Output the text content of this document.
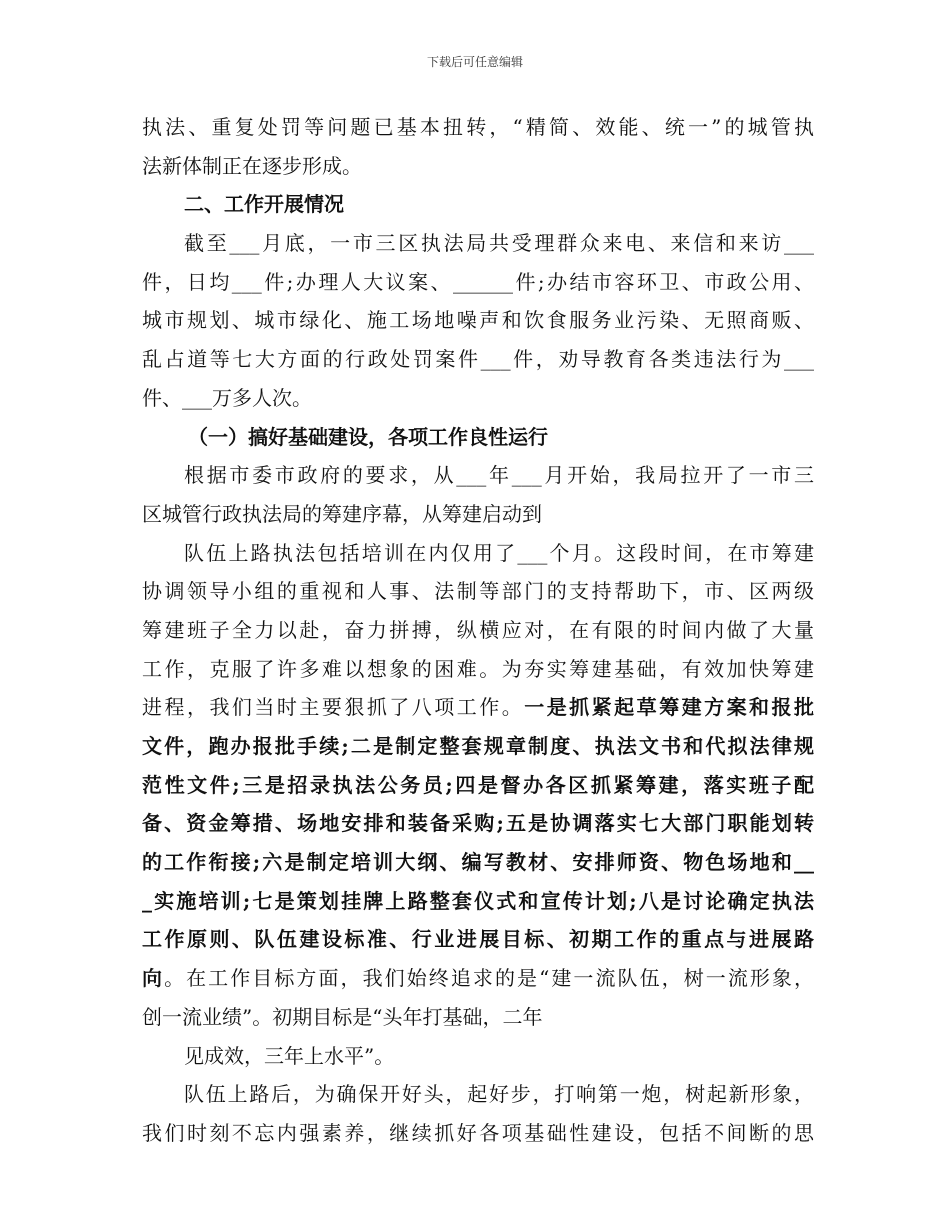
下载后可任意编辑
执法、重复处罚等问题已基本扭转，“精简、效能、统一”的城管执
法新体制正在逐步形成。
二、工作开展情况
截至___月底，一市三区执法局共受理群众来电、来信和来访___
件，日均___件;办理人大议案、______件;办结市容环卫、市政公用、
城市规划、城市绿化、施工场地噪声和饮食服务业污染、无照商贩、
乱占道等七大方面的行政处罚案件___件，劝导教育各类违法行为___
件、___万多人次。
（一）搞好基础建设，各项工作良性运行
根据市委市政府的要求，从___年___月开始，我局拉开了一市三
区城管行政执法局的筹建序幕，从筹建启动到
队伍上路执法包括培训在内仅用了___个月。这段时间，在市筹建
协调领导小组的重视和人事、法制等部门的支持帮助下，市、区两级
筹建班子全力以赴，奋力拼搏，纵横应对，在有限的时间内做了大量
工作，克服了许多难以想象的困难。为夯实筹建基础，有效加快筹建
进程，我们当时主要狠抓了八项工作。一是抓紧起草筹建方案和报批
文件，跑办报批手续;二是制定整套规章制度、执法文书和代拟法律规
范性文件;三是招录执法公务员;四是督办各区抓紧筹建，落实班子配
备、资金筹措、场地安排和装备采购;五是协调落实七大部门职能划转
的工作衔接;六是制定培训大纲、编写教材、安排师资、物色场地和__
_实施培训;七是策划挂牌上路整套仪式和宣传计划;八是讨论确定执法
工作原则、队伍建设标准、行业进展目标、初期工作的重点与进展路
向。在工作目标方面，我们始终追求的是“建一流队伍，树一流形象，
创一流业绩”。初期目标是“头年打基础，二年
见成效，三年上水平”。
队伍上路后，为确保开好头，起好步，打响第一炮，树起新形象，
我们时刻不忘内强素养，继续抓好各项基础性建设，包括不间断的思
